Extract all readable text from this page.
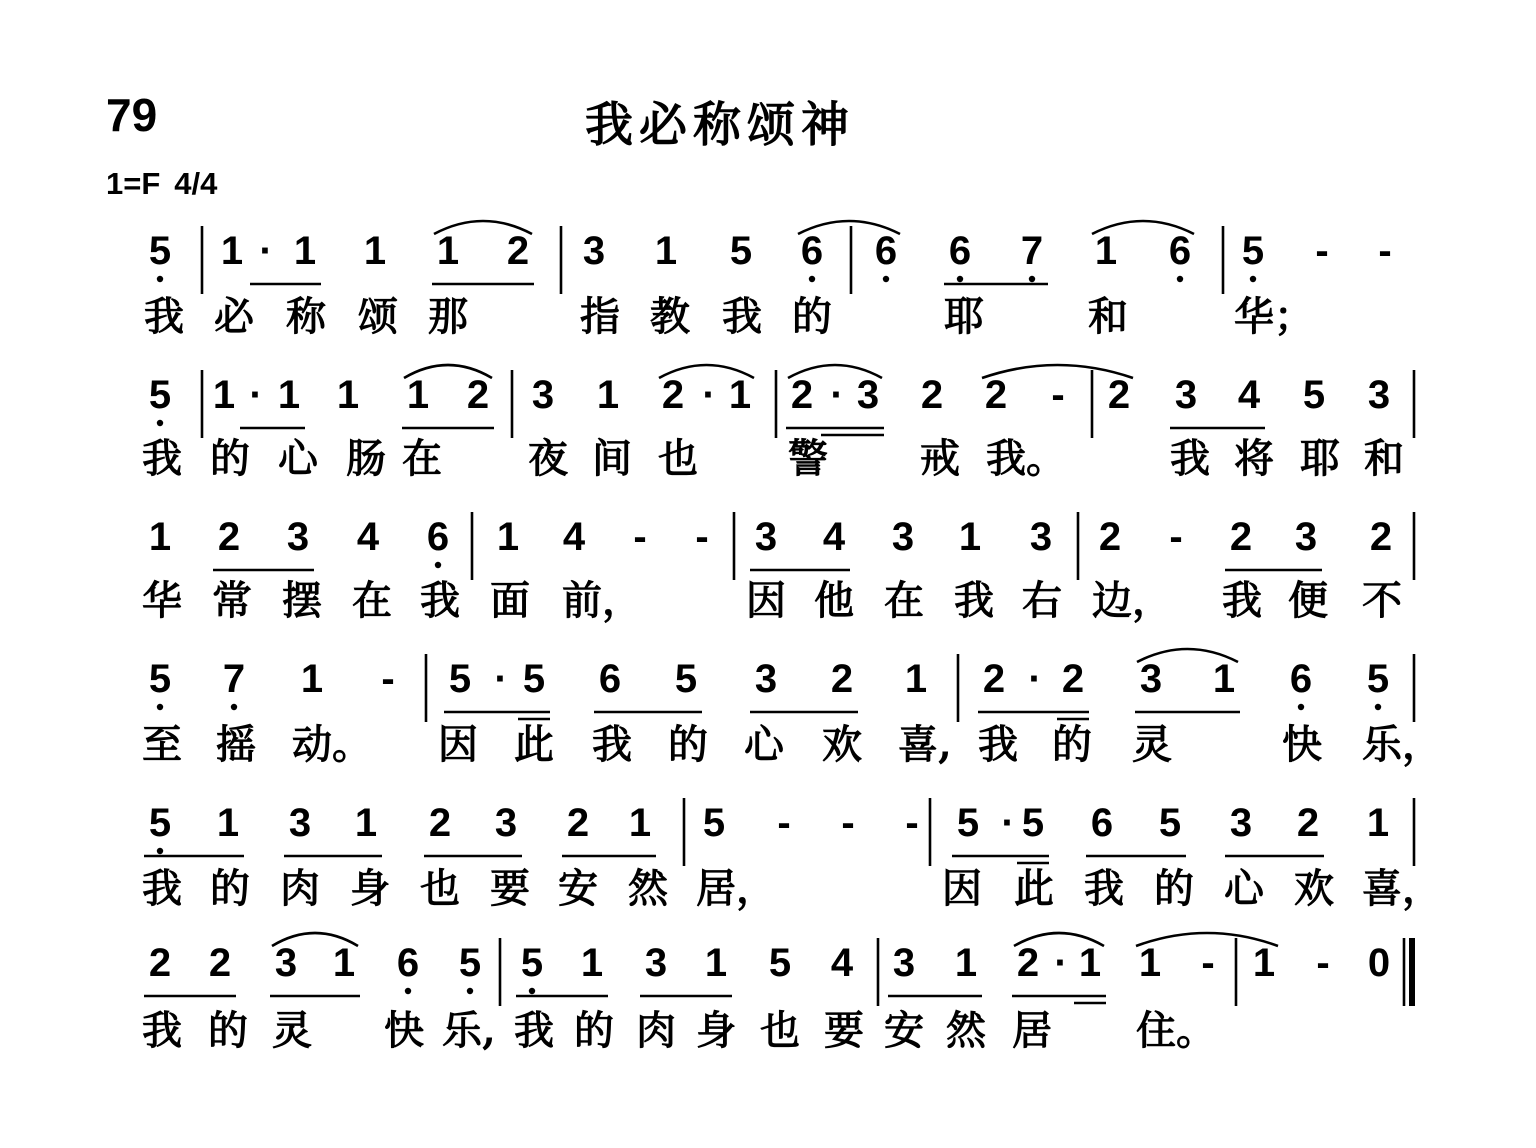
79	我必称颂神
1=F 4/4
5 1 · 1 1 1 2 3 1 5 6 6 6 7 1 6 5 - -
我 必 称 颂 那	指 教 我 的	耶	和	华；
5 1 · 1 1 1 2 3 1 2 · 1 2 · 3 2 2 - 2 3 4 5 3
我 的 心 肠 在 夜 间 也 警 戒 我。	我 将 耶 和
1 2 3 4 6 1 4 - - 3 4 3 1 3 2 - 2 3 2
华 常 摆 在 我 面 前，	因 他 在 我 右 边， 我 便 不
5 7 1 - 5 · 5 6 5 3 2 1 2 · 2 3 1 6 5
至 摇 动。 因 此 我 的 心 欢 喜, 我 的 灵	快 乐，
5 1 3 1 2 3 2 1 5 - - - 5 · 5 6 5 3 2 1
我 的 肉 身 也 要 安 然 居，	因 此 我 的 心 欢 喜，
2 2 3 1 6 5 5 1 3 1 5 4 3 1 2 · 1 1 - 1 - 0
我 的 灵 快 乐, 我 的 肉 身 也 要 安 然 居 住。
